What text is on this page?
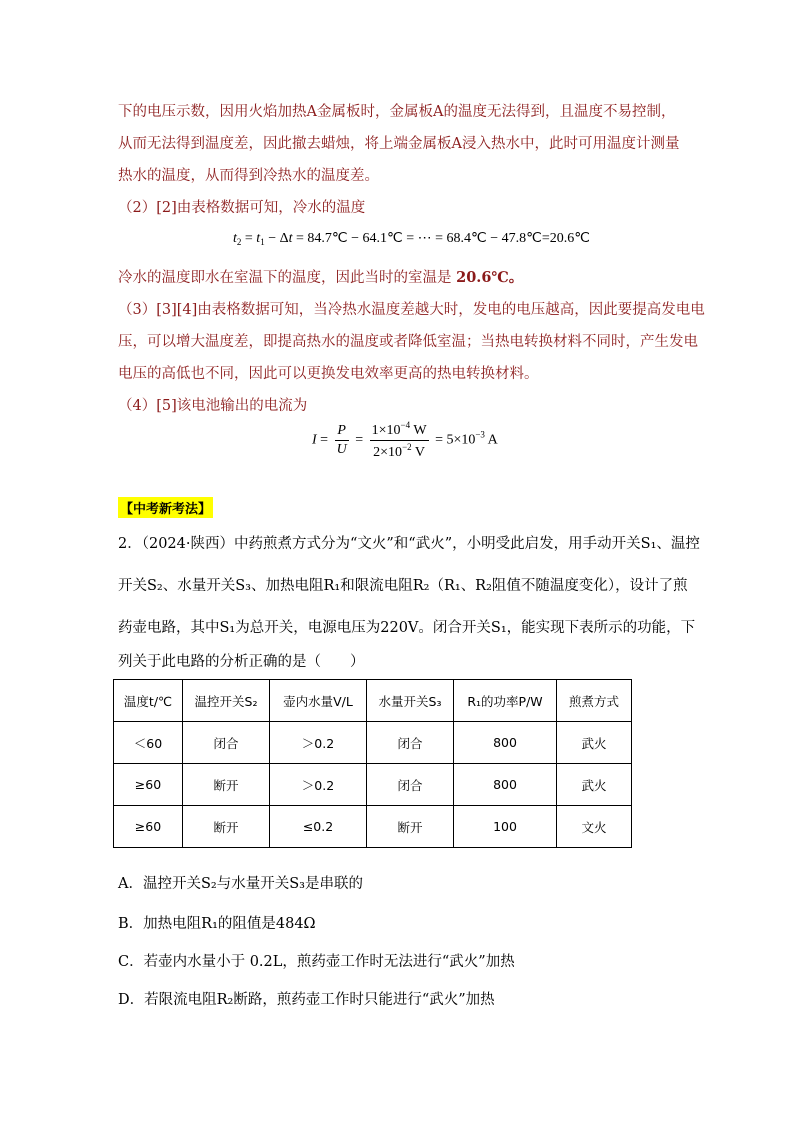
下的电压示数，因用火焰加热A金属板时，金属板A的温度无法得到，且温度不易控制，
从而无法得到温度差，因此撤去蜡烛，将上端金属板A浸入热水中，此时可用温度计测量
热水的温度，从而得到冷热水的温度差。
（2）[2]由表格数据可知，冷水的温度
$t_2 = t_1 - \Delta t$ = 84.7℃ − 64.1℃ = ⋯ = 68.4℃ − 47.8℃=20.6℃
冷水的温度即水在室温下的温度，因此当时的室温是 20.6℃。
（3）[3][4]由表格数据可知，当冷热水温度差越大时，发电的电压越高，因此要提高发电电
压，可以增大温度差，即提高热水的温度或者降低室温；当热电转换材料不同时，产生发电
电压的高低也不同，因此可以更换发电效率更高的热电转换材料。
（4）[5]该电池输出的电流为
$I = \frac{P}{U} = \frac{1\times 10^{-4} W}{2\times 10^{-2} V} = 5\times 10^{-3}$ A
【中考新考法】
2．（2024·陕西）中药煎煮方式分为“文火”和“武火”，小明受此启发，用手动开关S₁、温控
开关S₂、水量开关S₃、加热电阻R₁和限流电阻R₂（R₁、R₂阻值不随温度变化），设计了煎
药壶电路，其中S₁为总开关，电源电压为220V。闭合开关S₁，能实现下表所示的功能，下
列关于此电路的分析正确的是（　　）
温度t/℃	温控开关S₂	壶内水量V/L	水量开关S₃	R₁的功率P/W	煎煮方式
＜60	闭合	＞0.2	闭合	800	武火
≥60	断开	＞0.2	闭合	800	武火
≥60	断开	≤0.2	断开	100	文火
A．温控开关S₂与水量开关S₃是串联的
B．加热电阻R₁的阻值是484Ω
C．若壶内水量小于 0.2L，煎药壶工作时无法进行“武火”加热
D．若限流电阻R₂断路，煎药壶工作时只能进行“武火”加热
